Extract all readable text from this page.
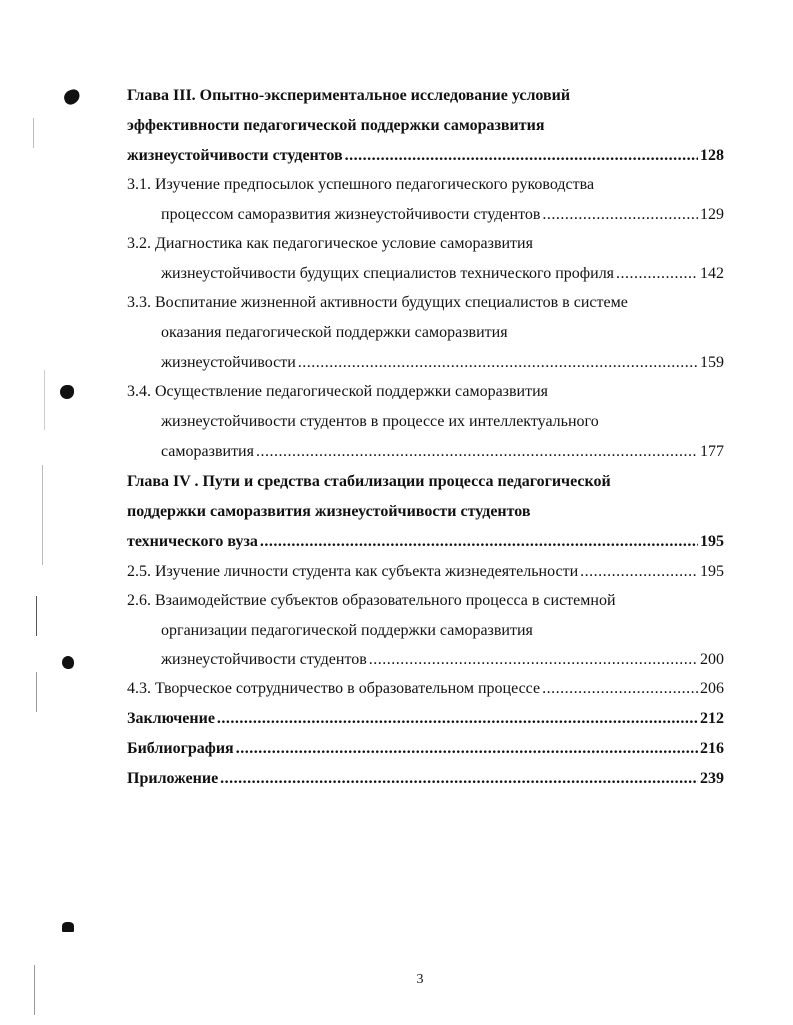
Глава III. Опытно-экспериментальное исследование условий
эффективности педагогической поддержки саморазвития
жизнеустойчивости студентов .....	128
3.1. Изучение предпосылок успешного педагогического руководства
процессом саморазвития жизнеустойчивости студентов .....	129
3.2. Диагностика как педагогическое условие саморазвития
жизнеустойчивости будущих специалистов технического профиля .....	142
3.3. Воспитание жизненной активности будущих специалистов в системе
оказания педагогической поддержки саморазвития
жизнеустойчивости .....	159
3.4. Осуществление педагогической поддержки саморазвития
жизнеустойчивости студентов в процессе их интеллектуального
саморазвития .....	177
Глава IV . Пути и средства стабилизации процесса педагогической
поддержки саморазвития жизнеустойчивости студентов
технического вуза .....	195
2.5. Изучение личности студента как субъекта жизнедеятельности .....	195
2.6. Взаимодействие субъектов образовательного процесса в системной
организации педагогической поддержки саморазвития
жизнеустойчивости студентов .....	200
4.3. Творческое сотрудничество в образовательном процессе .....	206
Заключение .....	212
Библиография .....	216
Приложение .....	239
3
